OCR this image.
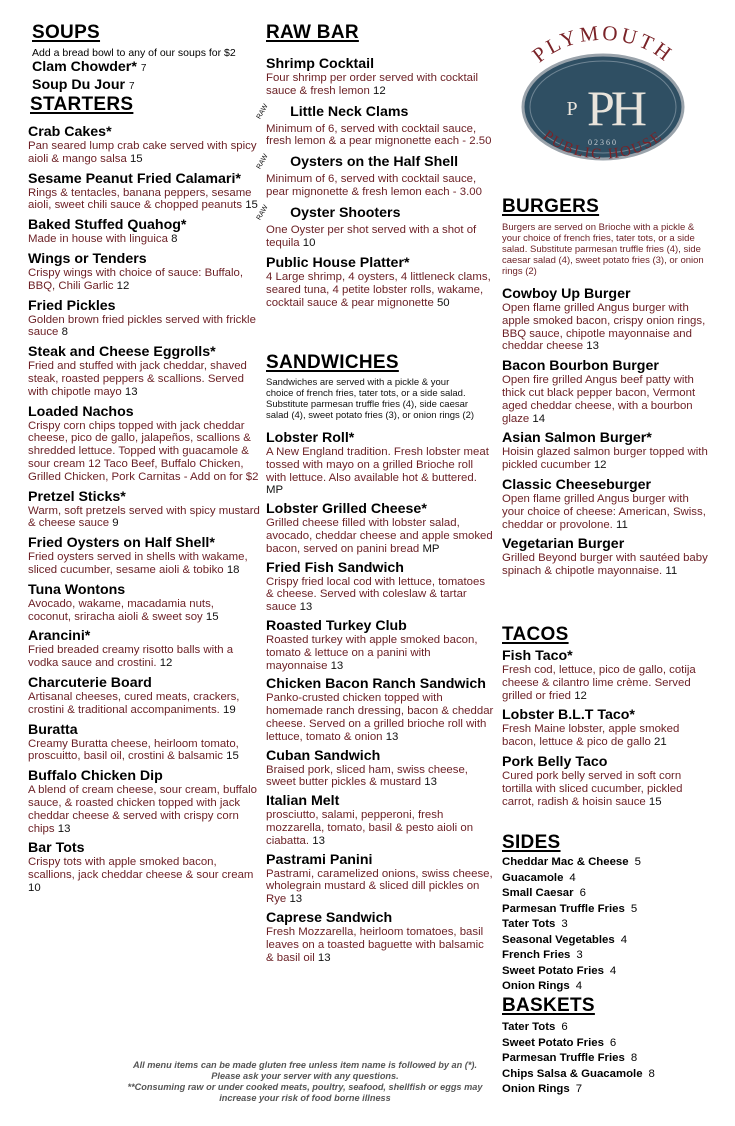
SOUPS
Add a bread bowl to any of our soups for $2
Clam Chowder* 7
Soup Du Jour 7
STARTERS
Crab Cakes*
Pan seared lump crab cake served with spicy aioli & mango salsa 15
Sesame Peanut Fried Calamari*
Rings & tentacles, banana peppers, sesame aioli, sweet chili sauce & chopped peanuts 15
Baked Stuffed Quahog*
Made in house with linguica 8
Wings or Tenders
Crispy wings with choice of sauce: Buffalo, BBQ, Chili Garlic 12
Fried Pickles
Golden brown fried pickles served with frickle sauce 8
Steak and Cheese Eggrolls*
Fried and stuffed with jack cheddar, shaved steak, roasted peppers & scallions. Served with chipotle mayo 13
Loaded Nachos
Crispy corn chips topped with jack cheddar cheese, pico de gallo, jalapeños, scallions & shredded lettuce. Topped with guacamole & sour cream 12 Taco Beef, Buffalo Chicken, Grilled Chicken, Pork Carnitas - Add on for $2
Pretzel Sticks*
Warm, soft pretzels served with spicy mustard & cheese sauce 9
Fried Oysters on Half Shell*
Fried oysters served in shells with wakame, sliced cucumber, sesame aioli & tobiko 18
Tuna Wontons
Avocado, wakame, macadamia nuts, coconut, sriracha aioli & sweet soy 15
Arancini*
Fried breaded creamy risotto balls with a vodka sauce and crostini. 12
Charcuterie Board
Artisanal cheeses, cured meats, crackers, crostini & traditional accompaniments. 19
Buratta
Creamy Buratta cheese, heirloom tomato, proscuitto, basil oil, crostini & balsamic 15
Buffalo Chicken Dip
A blend of cream cheese, sour cream, buffalo sauce, & roasted chicken topped with jack cheddar cheese & served with crispy corn chips 13
Bar Tots
Crispy tots with apple smoked bacon, scallions, jack cheddar cheese & sour cream 10
RAW BAR
Shrimp Cocktail
Four shrimp per order served with cocktail sauce & fresh lemon 12
RAW Little Neck Clams
Minimum of 6, served with cocktail sauce, fresh lemon & a pear mignonette each - 2.50
RAW Oysters on the Half Shell
Minimum of 6, served with cocktail sauce, pear mignonette & fresh lemon each - 3.00
RAW Oyster Shooters
One Oyster per shot served with a shot of tequila 10
Public House Platter*
4 Large shrimp, 4 oysters, 4 littleneck clams, seared tuna, 4 petite lobster rolls, wakame, cocktail sauce & pear mignonette 50
SANDWICHES
Sandwiches are served with a pickle & your choice of french fries, tater tots, or a side salad. Substitute parmesan truffle fries (4), side caesar salad (4), sweet potato fries (3), or onion rings (2)
Lobster Roll*
A New England tradition. Fresh lobster meat tossed with mayo on a grilled Brioche roll with lettuce. Also available hot & buttered. MP
Lobster Grilled Cheese*
Grilled cheese filled with lobster salad, avocado, cheddar cheese and apple smoked bacon, served on panini bread MP
Fried Fish Sandwich
Crispy fried local cod with lettuce, tomatoes & cheese. Served with coleslaw & tartar sauce 13
Roasted Turkey Club
Roasted turkey with apple smoked bacon, tomato & lettuce on a panini with mayonnaise 13
Chicken Bacon Ranch Sandwich
Panko-crusted chicken topped with homemade ranch dressing, bacon & cheddar cheese. Served on a grilled brioche roll with lettuce, tomato & onion 13
Cuban Sandwich
Braised pork, sliced ham, swiss cheese, sweet butter pickles & mustard 13
Italian Melt
prosciutto, salami, pepperoni, fresh mozzarella, tomato, basil & pesto aioli on ciabatta. 13
Pastrami Panini
Pastrami, caramelized onions, swiss cheese, wholegrain mustard & sliced dill pickles on Rye 13
Caprese Sandwich
Fresh Mozzarella, heirloom tomatoes, basil leaves on a toasted baguette with balsamic & basil oil 13
PLYMOUTH
P PH
02360
PUBLIC HOUSE
BURGERS
Burgers are served on Brioche with a pickle & your choice of french fries, tater tots, or a side salad. Substitute parmesan truffle fries (4), side caesar salad (4), sweet potato fries (3), or onion rings (2)
Cowboy Up Burger
Open flame grilled Angus burger with apple smoked bacon, crispy onion rings, BBQ sauce, chipotle mayonnaise and cheddar cheese 13
Bacon Bourbon Burger
Open fire grilled Angus beef patty with thick cut black pepper bacon, Vermont aged cheddar cheese, with a bourbon glaze 14
Asian Salmon Burger*
Hoisin glazed salmon burger topped with pickled cucumber 12
Classic Cheeseburger
Open flame grilled Angus burger with your choice of cheese: American, Swiss, cheddar or provolone. 11
Vegetarian Burger
Grilled Beyond burger with sautéed baby spinach & chipotle mayonnaise. 11
TACOS
Fish Taco*
Fresh cod, lettuce, pico de gallo, cotija cheese & cilantro lime crème. Served grilled or fried 12
Lobster B.L.T Taco*
Fresh Maine lobster, apple smoked bacon, lettuce & pico de gallo 21
Pork Belly Taco
Cured pork belly served in soft corn tortilla with sliced cucumber, pickled carrot, radish & hoisin sauce 15
SIDES
Cheddar Mac & Cheese 5
Guacamole 4
Small Caesar 6
Parmesan Truffle Fries 5
Tater Tots 3
Seasonal Vegetables 4
French Fries 3
Sweet Potato Fries 4
Onion Rings 4
BASKETS
Tater Tots 6
Sweet Potato Fries 6
Parmesan Truffle Fries 8
Chips Salsa & Guacamole 8
Onion Rings 7
All menu items can be made gluten free unless item name is followed by an (*). Please ask your server with any questions.
**Consuming raw or under cooked meats, poultry, seafood, shellfish or eggs may increase your risk of food borne illness
